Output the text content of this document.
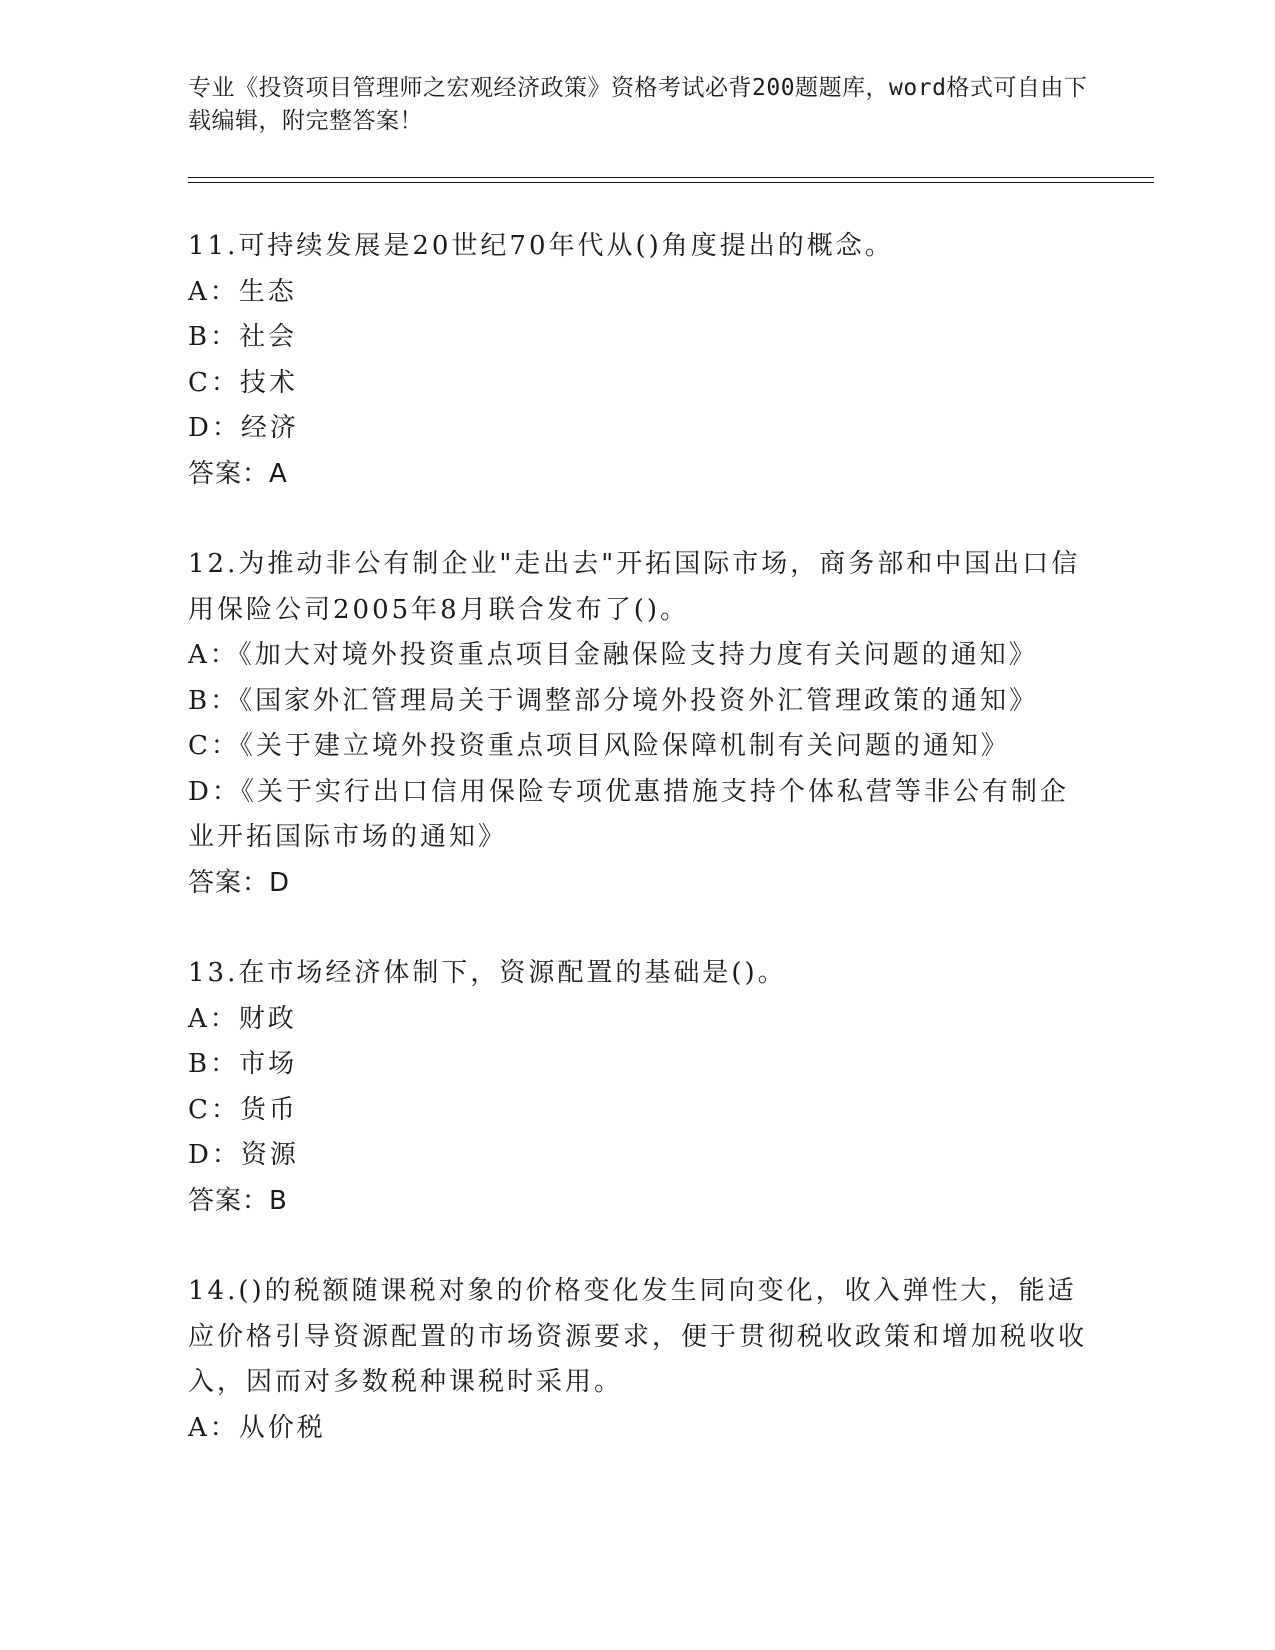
专业《投资项目管理师之宏观经济政策》资格考试必背200题题库，word格式可自由下载编辑，附完整答案！

11.可持续发展是20世纪70年代从()角度提出的概念。

A：生态

B：社会

C：技术

D：经济

答案：A

12.为推动非公有制企业"走出去"开拓国际市场，商务部和中国出口信用保险公司2005年8月联合发布了()。

A：《加大对境外投资重点项目金融保险支持力度有关问题的通知》

B：《国家外汇管理局关于调整部分境外投资外汇管理政策的通知》

C：《关于建立境外投资重点项目风险保障机制有关问题的通知》

D：《关于实行出口信用保险专项优惠措施支持个体私营等非公有制企业开拓国际市场的通知》

答案：D

13.在市场经济体制下，资源配置的基础是()。

A：财政

B：市场

C：货币

D：资源

答案：B

14.()的税额随课税对象的价格变化发生同向变化，收入弹性大，能适应价格引导资源配置的市场资源要求，便于贯彻税收政策和增加税收收入，因而对多数税种课税时采用。

A：从价税
